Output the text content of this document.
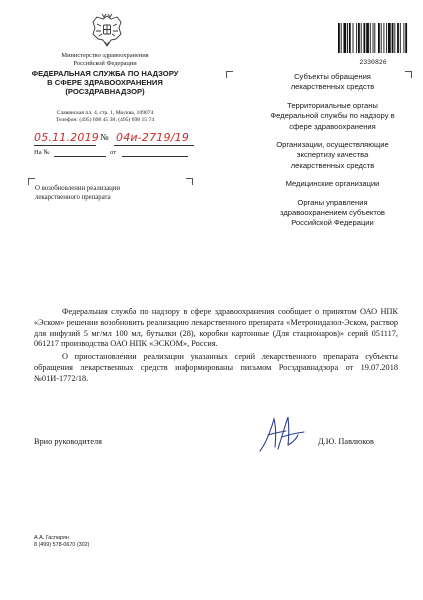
Министерство здравоохранения
Российской Федерации
ФЕДЕРАЛЬНАЯ СЛУЖБА ПО НАДЗОРУ
В СФЕРЕ ЗДРАВООХРАНЕНИЯ
(РОСЗДРАВНАДЗОР)
Славянская пл. 4, стр. 1, Москва, 109074
Телефон: (495) 698 45 38; (495) 698 15 74
05.11.2019 № 04и-2719/19
На №	от
О возобновлении реализации
лекарственного препарата
2330826
Субъекты обращения
лекарственных средств
Территориальные органы
Федеральной службы по надзору в
сфере здравоохранения
Организации, осуществляющие
экспертизу качества
лекарственных средств
Медицинские организации
Органы управления
здравоохранением субъектов
Российской Федерации

Федеральная служба по надзору в сфере здравоохранения сообщает о принятом ОАО НПК «Эском» решении возобновить реализацию лекарственного препарата «Метронидазол-Эском, раствор для инфузий 5 мг/мл 100 мл, бутылки (28), коробки картонные (Для стационаров)» серий 051117, 061217 производства ОАО НПК «ЭСКОМ», Россия.

О приостановлении реализации указанных серий лекарственного препарата субъекты обращения лекарственных средств информированы письмом Росздравнадзора от 19.07.2018 №01И-1772/18.

Врио руководителя	Д.Ю. Павлюков
А.А. Гаспарян
8 (499) 578-0670 (302)
